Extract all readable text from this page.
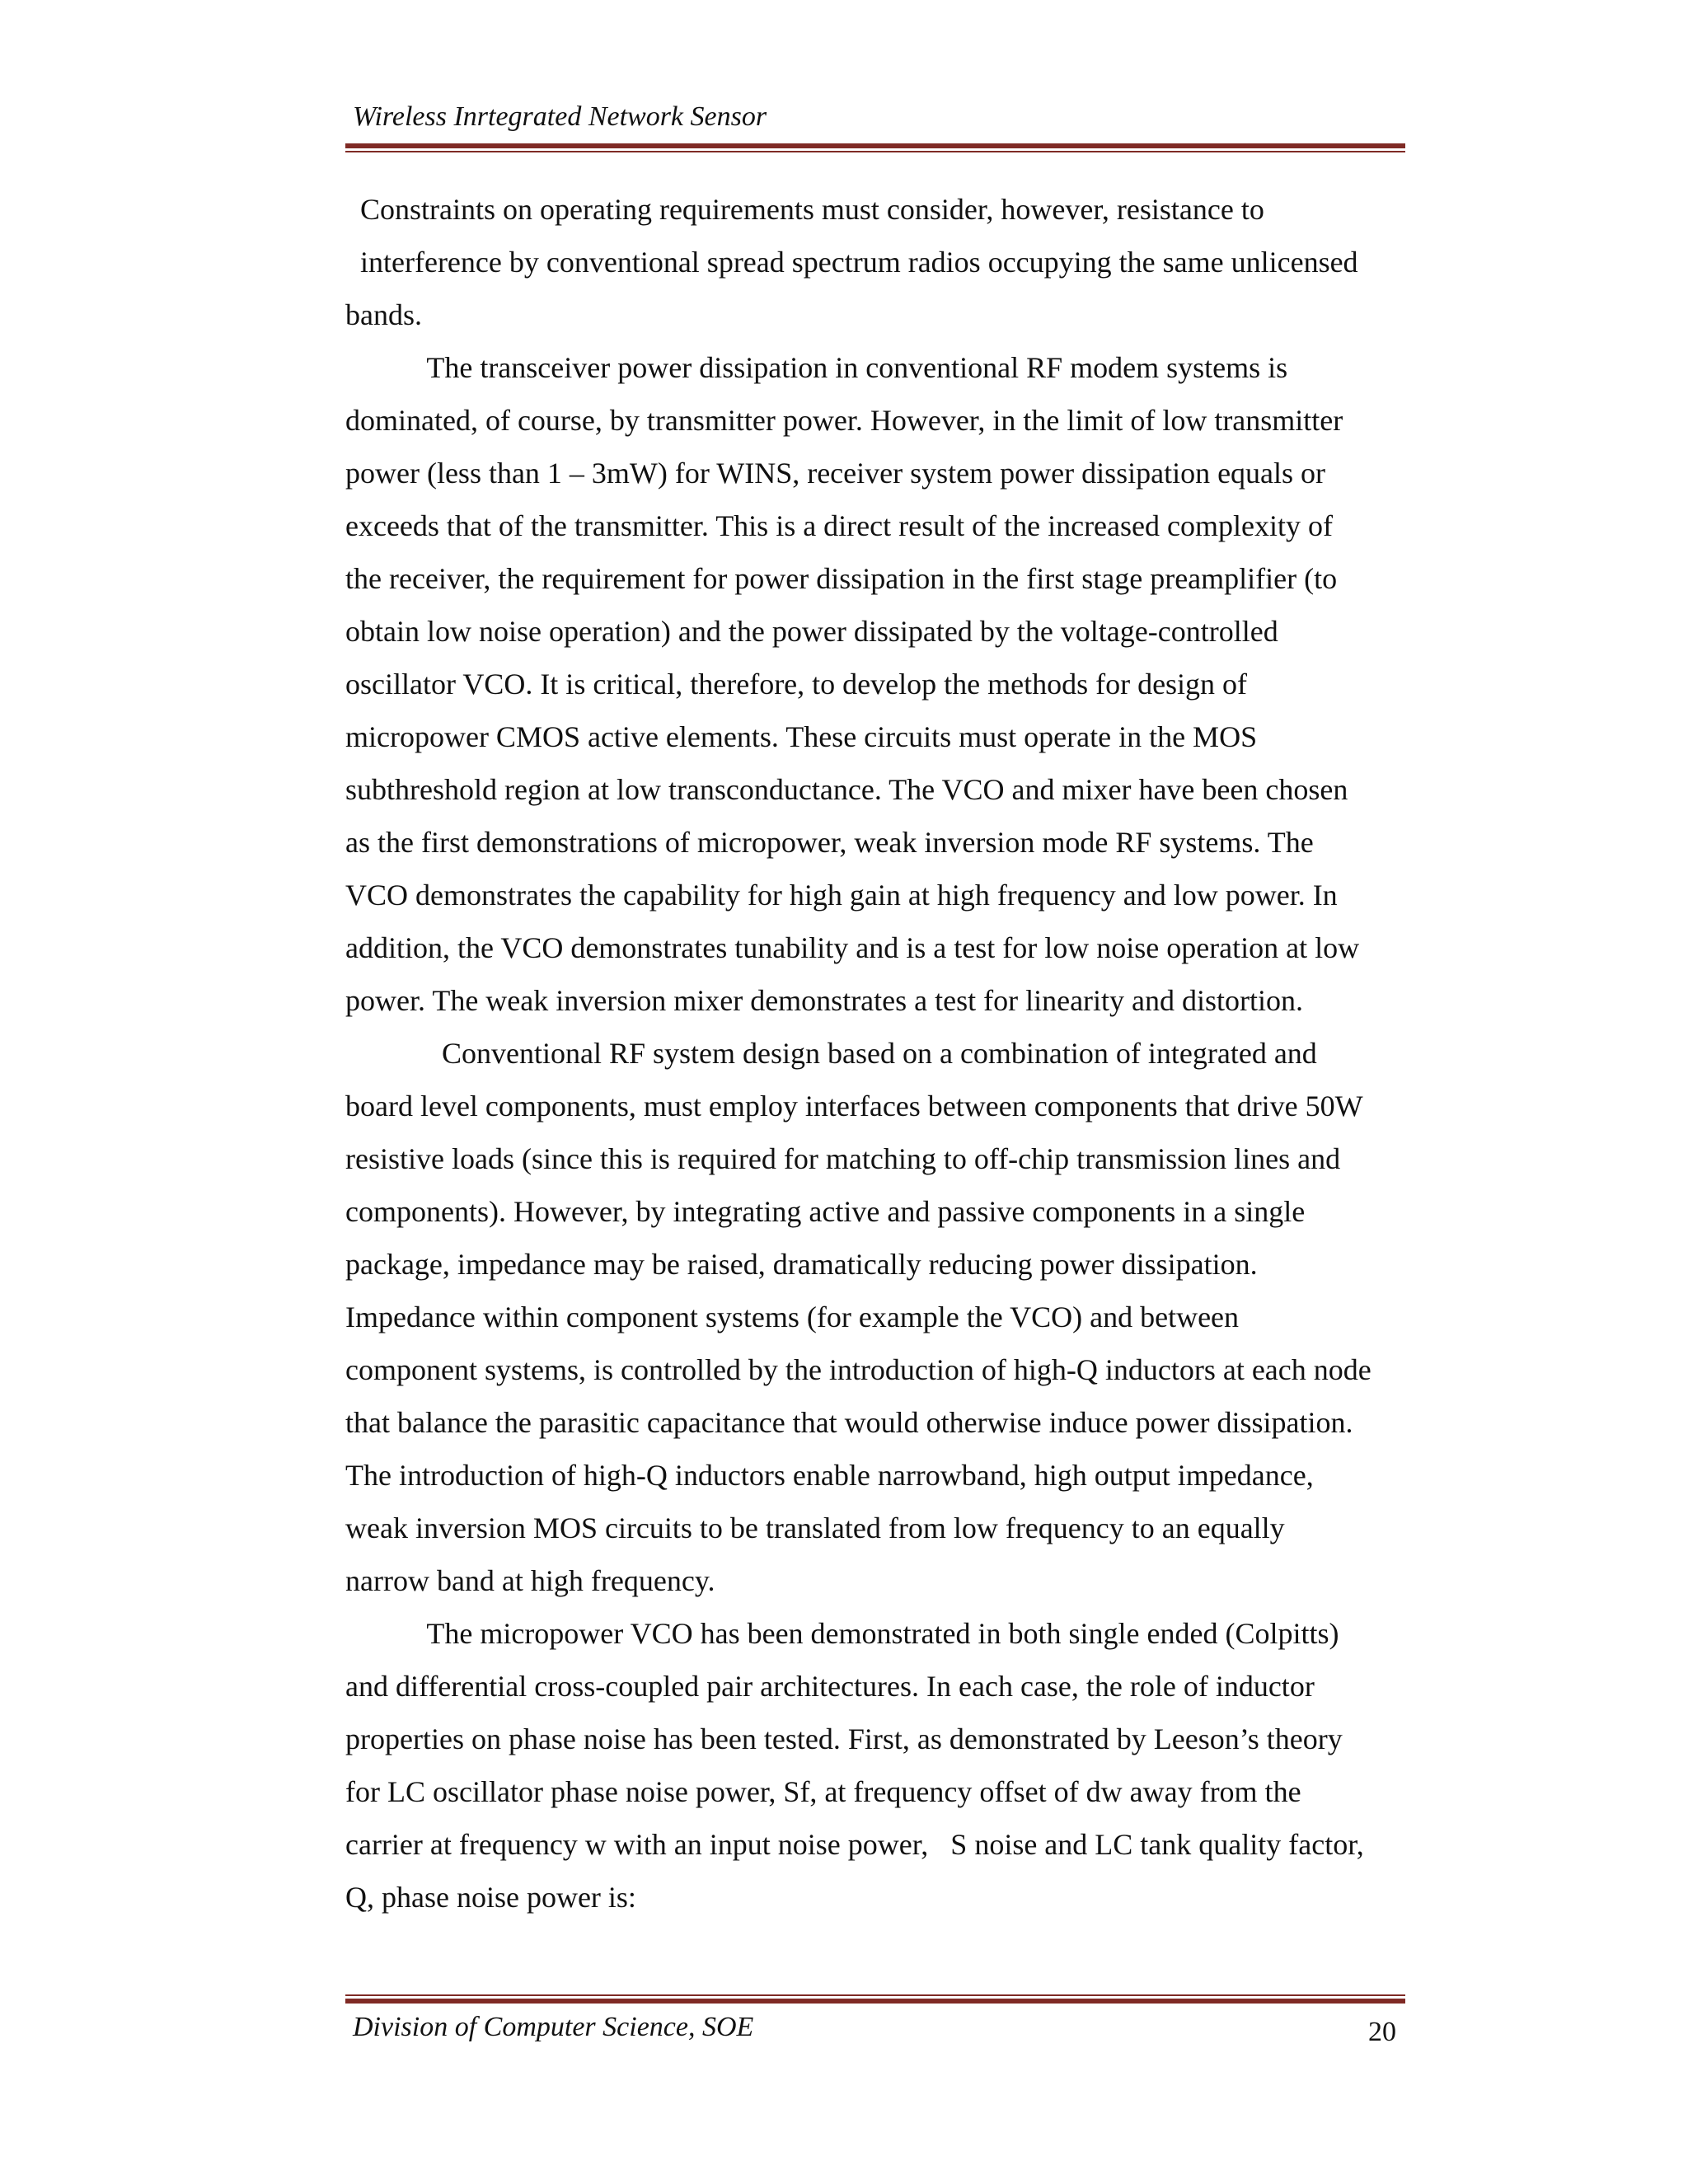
Wireless Inrtegrated Network Sensor
Constraints on operating requirements must consider, however, resistance to
interference by conventional spread spectrum radios occupying the same unlicensed
bands.
The transceiver power dissipation in conventional RF modem systems is
dominated, of course, by transmitter power. However, in the limit of low transmitter
power (less than 1 – 3mW) for WINS, receiver system power dissipation equals or
exceeds that of the transmitter. This is a direct result of the increased complexity of
the receiver, the requirement for power dissipation in the first stage preamplifier (to
obtain low noise operation) and the power dissipated by the voltage-controlled
oscillator VCO. It is critical, therefore, to develop the methods for design of
micropower CMOS active elements. These circuits must operate in the MOS
subthreshold region at low transconductance. The VCO and mixer have been chosen
as the first demonstrations of micropower, weak inversion mode RF systems. The
VCO demonstrates the capability for high gain at high frequency and low power. In
addition, the VCO demonstrates tunability and is a test for low noise operation at low
power. The weak inversion mixer demonstrates a test for linearity and distortion.
Conventional RF system design based on a combination of integrated and
board level components, must employ interfaces between components that drive 50W
resistive loads (since this is required for matching to off-chip transmission lines and
components). However, by integrating active and passive components in a single
package, impedance may be raised, dramatically reducing power dissipation.
Impedance within component systems (for example the VCO) and between
component systems, is controlled by the introduction of high-Q inductors at each node
that balance the parasitic capacitance that would otherwise induce power dissipation.
The introduction of high-Q inductors enable narrowband, high output impedance,
weak inversion MOS circuits to be translated from low frequency to an equally
narrow band at high frequency.
The micropower VCO has been demonstrated in both single ended (Colpitts)
and differential cross-coupled pair architectures. In each case, the role of inductor
properties on phase noise has been tested. First, as demonstrated by Leeson’s theory
for LC oscillator phase noise power, Sf, at frequency offset of dw away from the
carrier at frequency w with an input noise power,   S noise and LC tank quality factor,
Q, phase noise power is:
Division of Computer Science, SOE	20
